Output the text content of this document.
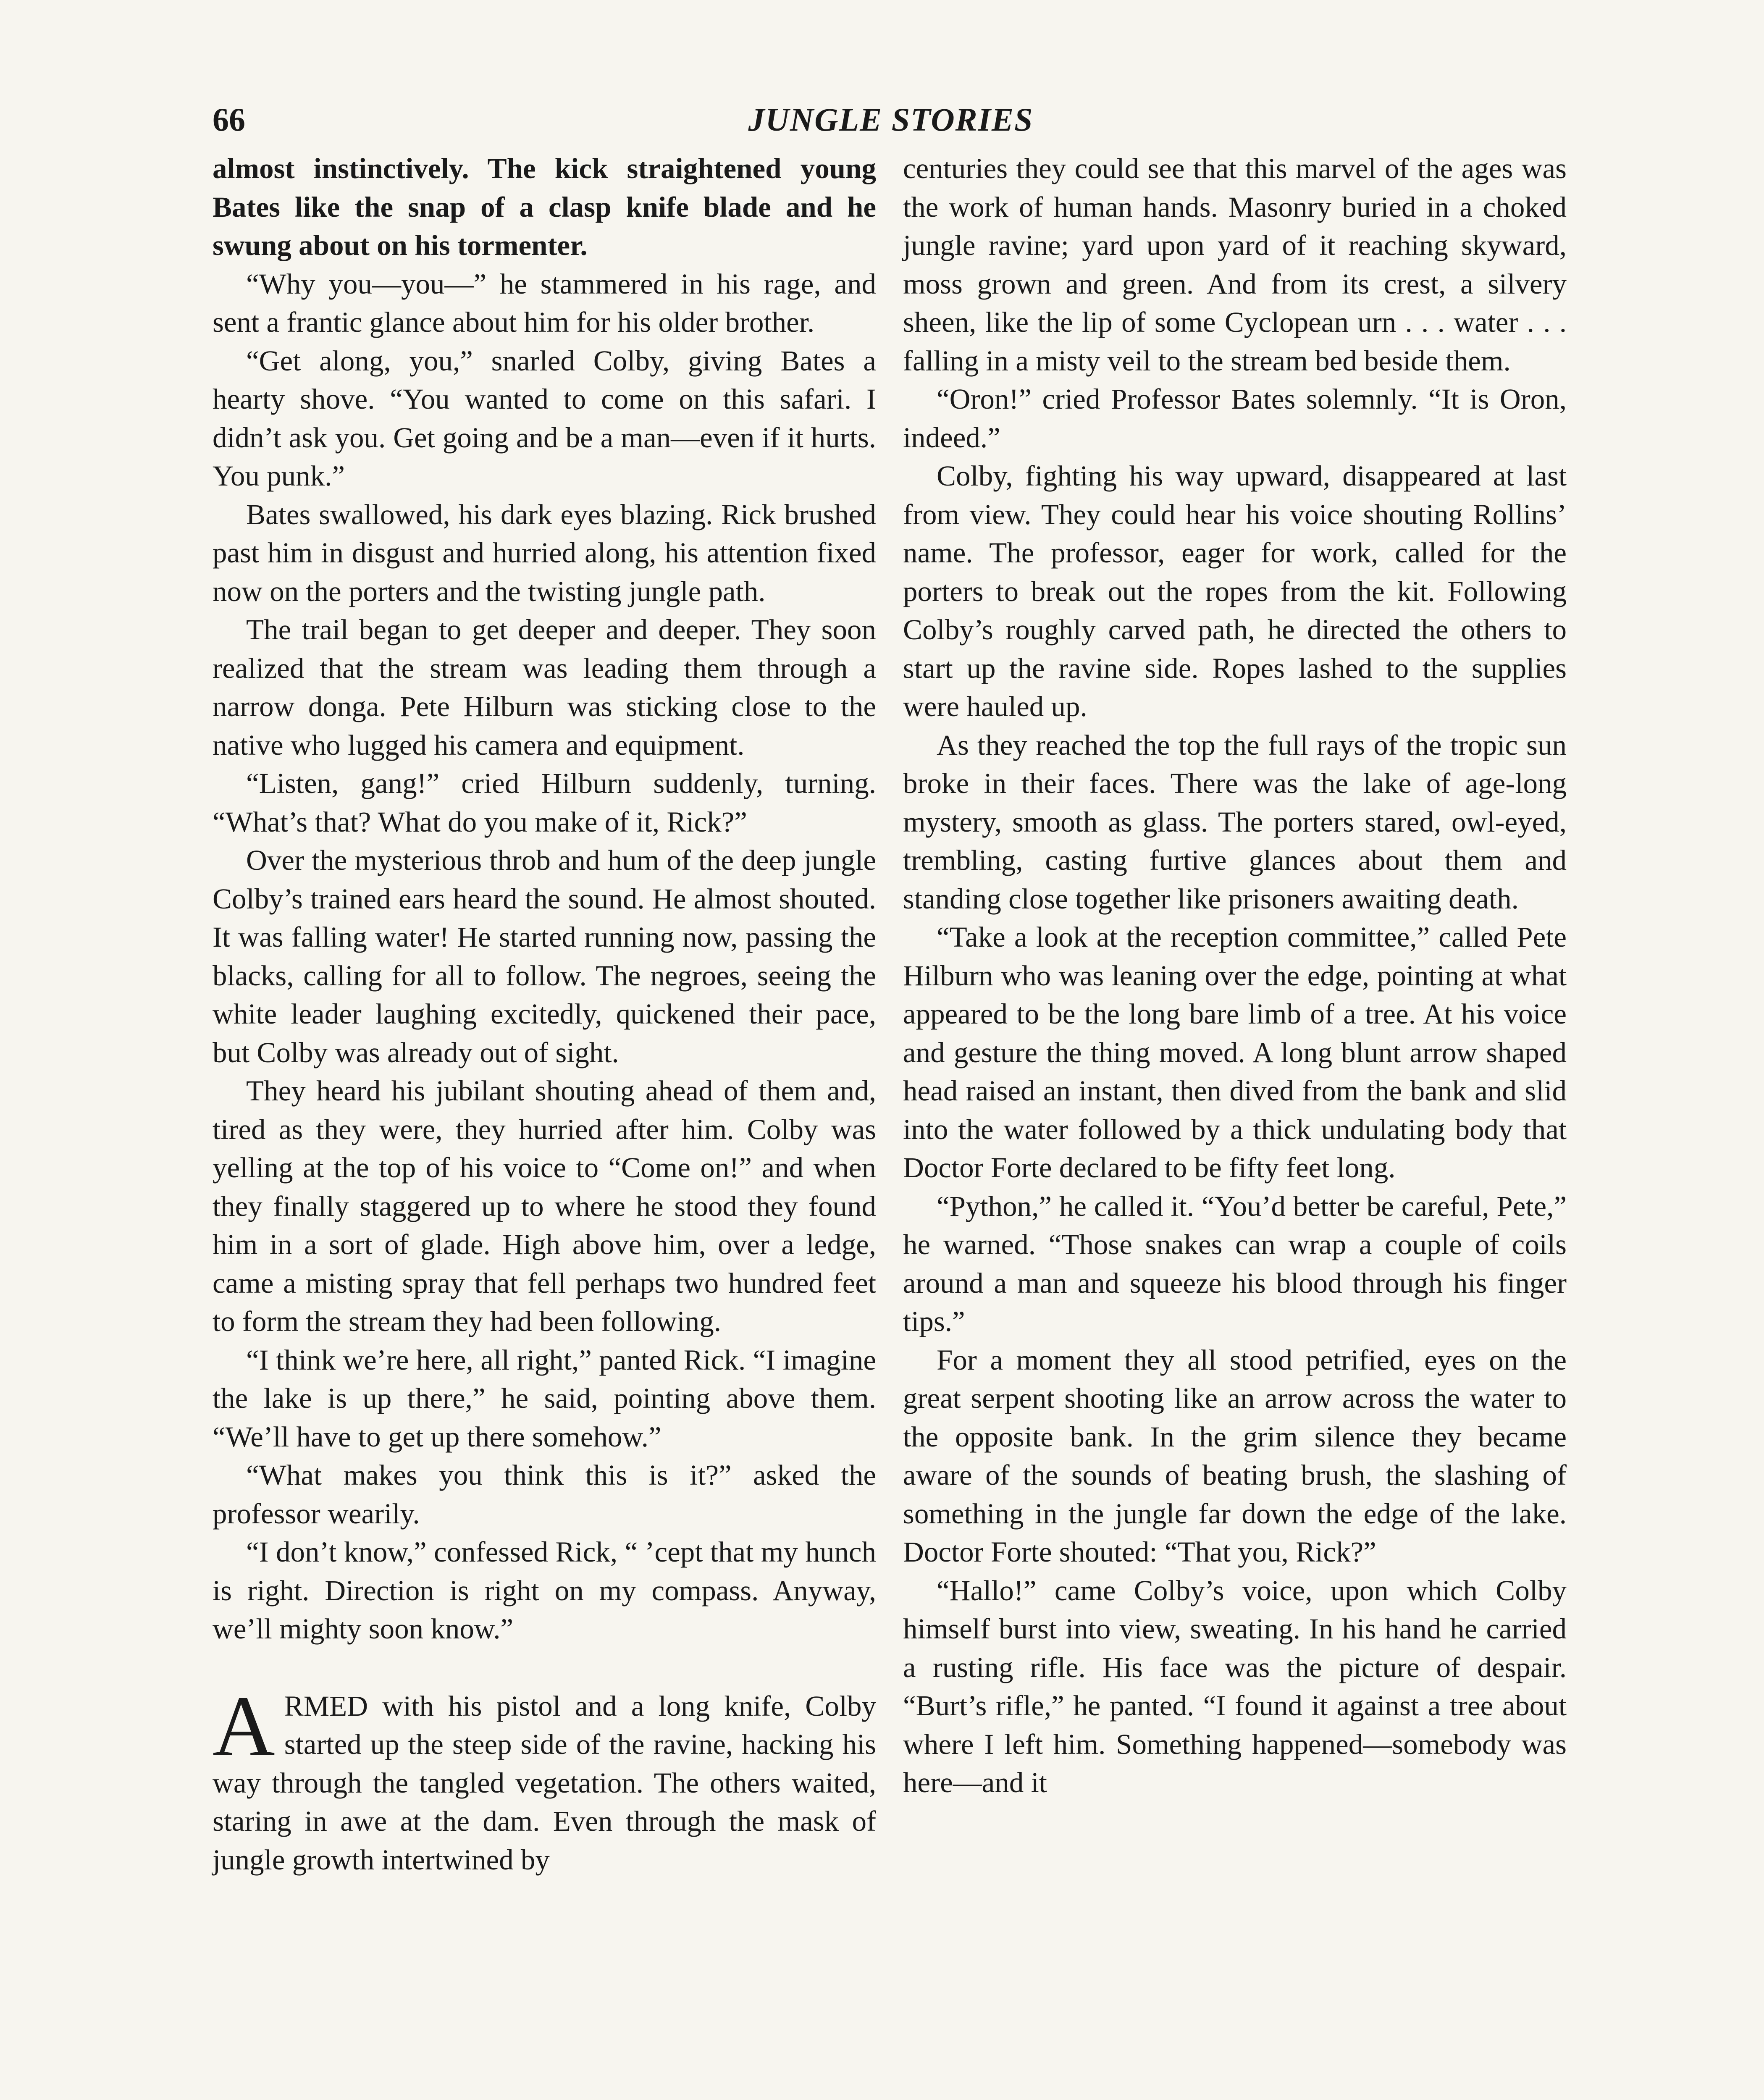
66	JUNGLE STORIES

almost instinctively. The kick straightened young Bates like the snap of a clasp knife blade and he swung about on his tormenter.

“Why you—you—” he stammered in his rage, and sent a frantic glance about him for his older brother.

“Get along, you,” snarled Colby, giving Bates a hearty shove. “You wanted to come on this safari. I didn’t ask you. Get going and be a man—even if it hurts. You punk.”

Bates swallowed, his dark eyes blazing. Rick brushed past him in disgust and hurried along, his attention fixed now on the porters and the twisting jungle path.

The trail began to get deeper and deeper. They soon realized that the stream was leading them through a narrow donga. Pete Hilburn was sticking close to the native who lugged his camera and equipment.

“Listen, gang!” cried Hilburn suddenly, turning. “What’s that? What do you make of it, Rick?”

Over the mysterious throb and hum of the deep jungle Colby’s trained ears heard the sound. He almost shouted. It was falling water! He started running now, passing the blacks, calling for all to follow. The negroes, seeing the white leader laughing excitedly, quickened their pace, but Colby was already out of sight.

They heard his jubilant shouting ahead of them and, tired as they were, they hurried after him. Colby was yelling at the top of his voice to “Come on!” and when they finally staggered up to where he stood they found him in a sort of glade. High above him, over a ledge, came a misting spray that fell perhaps two hundred feet to form the stream they had been following.

“I think we’re here, all right,” panted Rick. “I imagine the lake is up there,” he said, pointing above them. “We’ll have to get up there somehow.”

“What makes you think this is it?” asked the professor wearily.

“I don’t know,” confessed Rick, “ ’cept that my hunch is right. Direction is right on my compass. Anyway, we’ll mighty soon know.”

ARMED with his pistol and a long knife, Colby started up the steep side of the ravine, hacking his way through the tangled vegetation. The others waited, staring in awe at the dam. Even through the mask of jungle growth intertwined by

centuries they could see that this marvel of the ages was the work of human hands. Masonry buried in a choked jungle ravine; yard upon yard of it reaching skyward, moss grown and green. And from its crest, a silvery sheen, like the lip of some Cyclopean urn . . . water . . . falling in a misty veil to the stream bed beside them.

“Oron!” cried Professor Bates solemnly. “It is Oron, indeed.”

Colby, fighting his way upward, disappeared at last from view. They could hear his voice shouting Rollins’ name. The professor, eager for work, called for the porters to break out the ropes from the kit. Following Colby’s roughly carved path, he directed the others to start up the ravine side. Ropes lashed to the supplies were hauled up.

As they reached the top the full rays of the tropic sun broke in their faces. There was the lake of age-long mystery, smooth as glass. The porters stared, owl-eyed, trembling, casting furtive glances about them and standing close together like prisoners awaiting death.

“Take a look at the reception committee,” called Pete Hilburn who was leaning over the edge, pointing at what appeared to be the long bare limb of a tree. At his voice and gesture the thing moved. A long blunt arrow shaped head raised an instant, then dived from the bank and slid into the water followed by a thick undulating body that Doctor Forte declared to be fifty feet long.

“Python,” he called it. “You’d better be careful, Pete,” he warned. “Those snakes can wrap a couple of coils around a man and squeeze his blood through his finger tips.”

For a moment they all stood petrified, eyes on the great serpent shooting like an arrow across the water to the opposite bank. In the grim silence they became aware of the sounds of beating brush, the slashing of something in the jungle far down the edge of the lake. Doctor Forte shouted: “That you, Rick?”

“Hallo!” came Colby’s voice, upon which Colby himself burst into view, sweating. In his hand he carried a rusting rifle. His face was the picture of despair. “Burt’s rifle,” he panted. “I found it against a tree about where I left him. Something happened—somebody was here—and it
